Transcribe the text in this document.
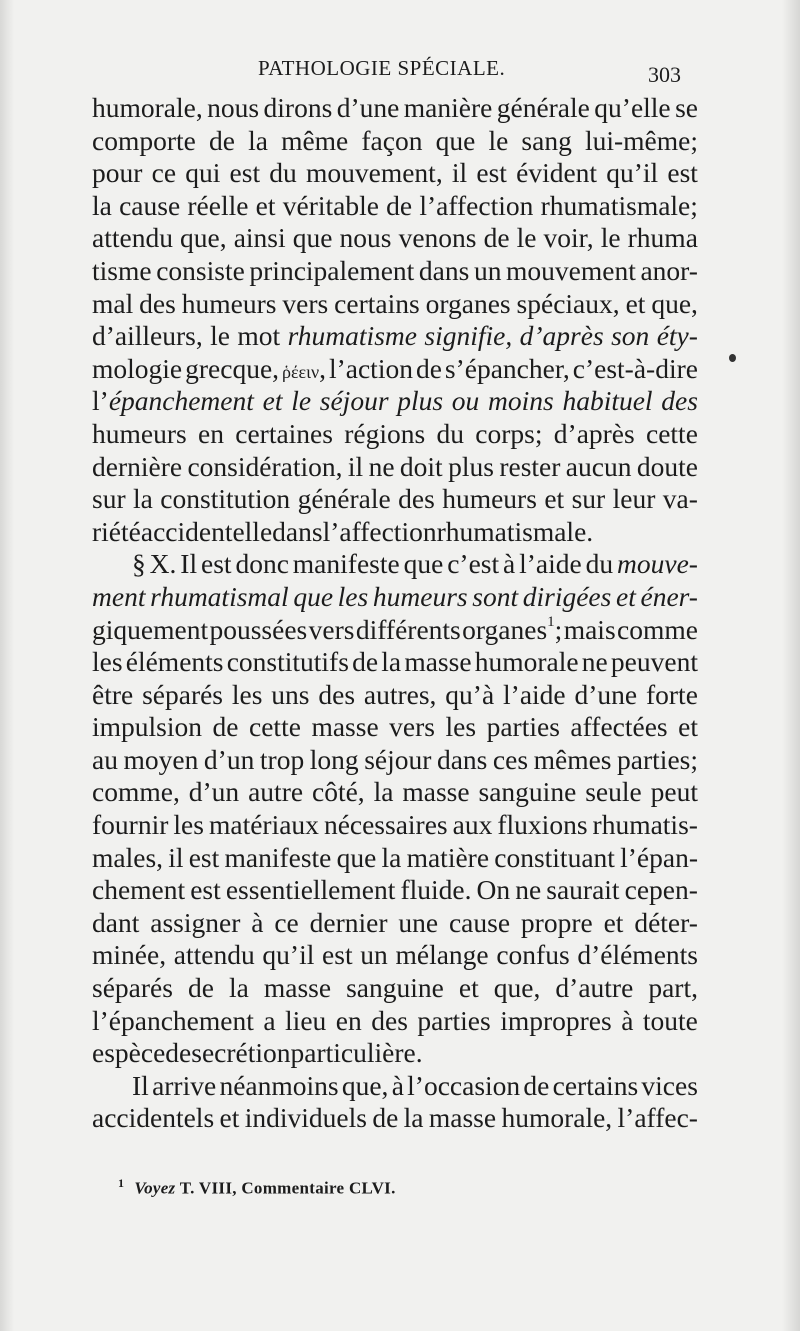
PATHOLOGIE SPÉCIALE.	303
humorale, nous dirons d’une manière générale qu’elle se
comporte de la même façon que le sang lui-même;
pour ce qui est du mouvement, il est évident qu’il est
la cause réelle et véritable de l’affection rhumatismale;
attendu que, ainsi que nous venons de le voir, le rhuma
tisme consiste principalement dans un mouvement anor-
mal des humeurs vers certains organes spéciaux, et que,
d’ailleurs, le mot rhumatisme signifie, d’après son éty-
mologie grecque, ῥέειν, l’action de s’épancher, c’est-à-dire
l’épanchement et le séjour plus ou moins habituel des
humeurs en certaines régions du corps; d’après cette
dernière considération, il ne doit plus rester aucun doute
sur la constitution générale des humeurs et sur leur va-
riété accidentelle dans l’affection rhumatismale.
§ X. Il est donc manifeste que c’est à l’aide du mouve-
ment rhumatismal que les humeurs sont dirigées et éner-
giquement poussées vers différents organes$^1$; mais comme
les éléments constitutifs de la masse humorale ne peuvent
être séparés les uns des autres, qu’à l’aide d’une forte
impulsion de cette masse vers les parties affectées et
au moyen d’un trop long séjour dans ces mêmes parties;
comme, d’un autre côté, la masse sanguine seule peut
fournir les matériaux nécessaires aux fluxions rhumatis-
males, il est manifeste que la matière constituant l’épan-
chement est essentiellement fluide. On ne saurait cepen-
dant assigner à ce dernier une cause propre et déter-
minée, attendu qu’il est un mélange confus d’éléments
séparés de la masse sanguine et que, d’autre part,
l’épanchement a lieu en des parties impropres à toute
espèce de secrétion particulière.
Il arrive néanmoins que, à l’occasion de certains vices
accidentels et individuels de la masse humorale, l’affec-
$^1$ Voyez T. VIII, Commentaire CLVI.
